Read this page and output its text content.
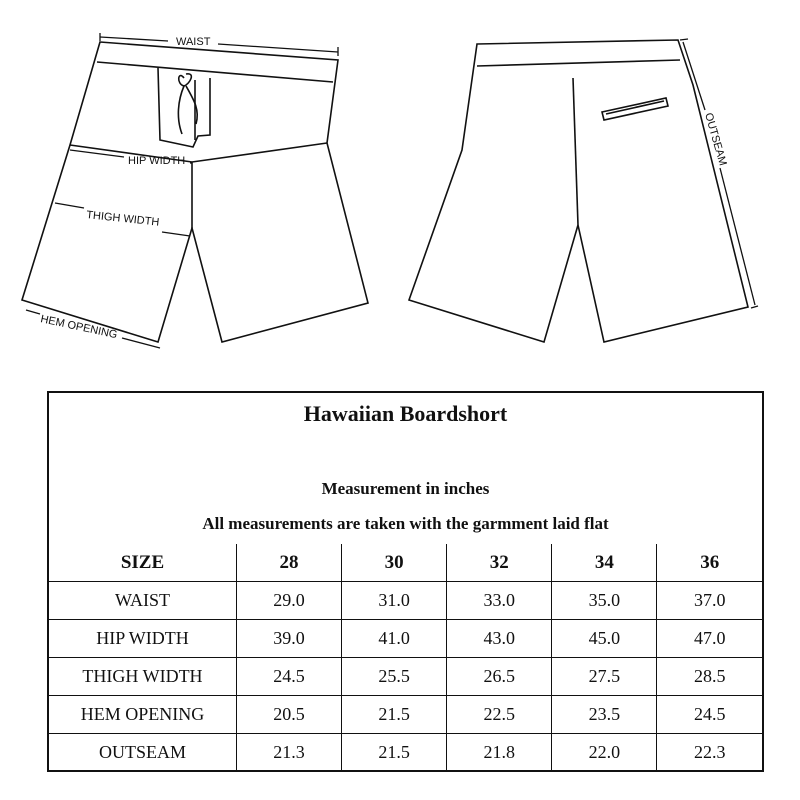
WAIST
HIP WIDTH
THIGH WIDTH
HEM OPENING
OUTSEAM
Hawaiian Boardshort
Measurement in inches
All measurements are taken with the garmment laid flat
SIZE	28	30	32	34	36
WAIST	29.0	31.0	33.0	35.0	37.0
HIP WIDTH	39.0	41.0	43.0	45.0	47.0
THIGH WIDTH	24.5	25.5	26.5	27.5	28.5
HEM OPENING	20.5	21.5	22.5	23.5	24.5
OUTSEAM	21.3	21.5	21.8	22.0	22.3
